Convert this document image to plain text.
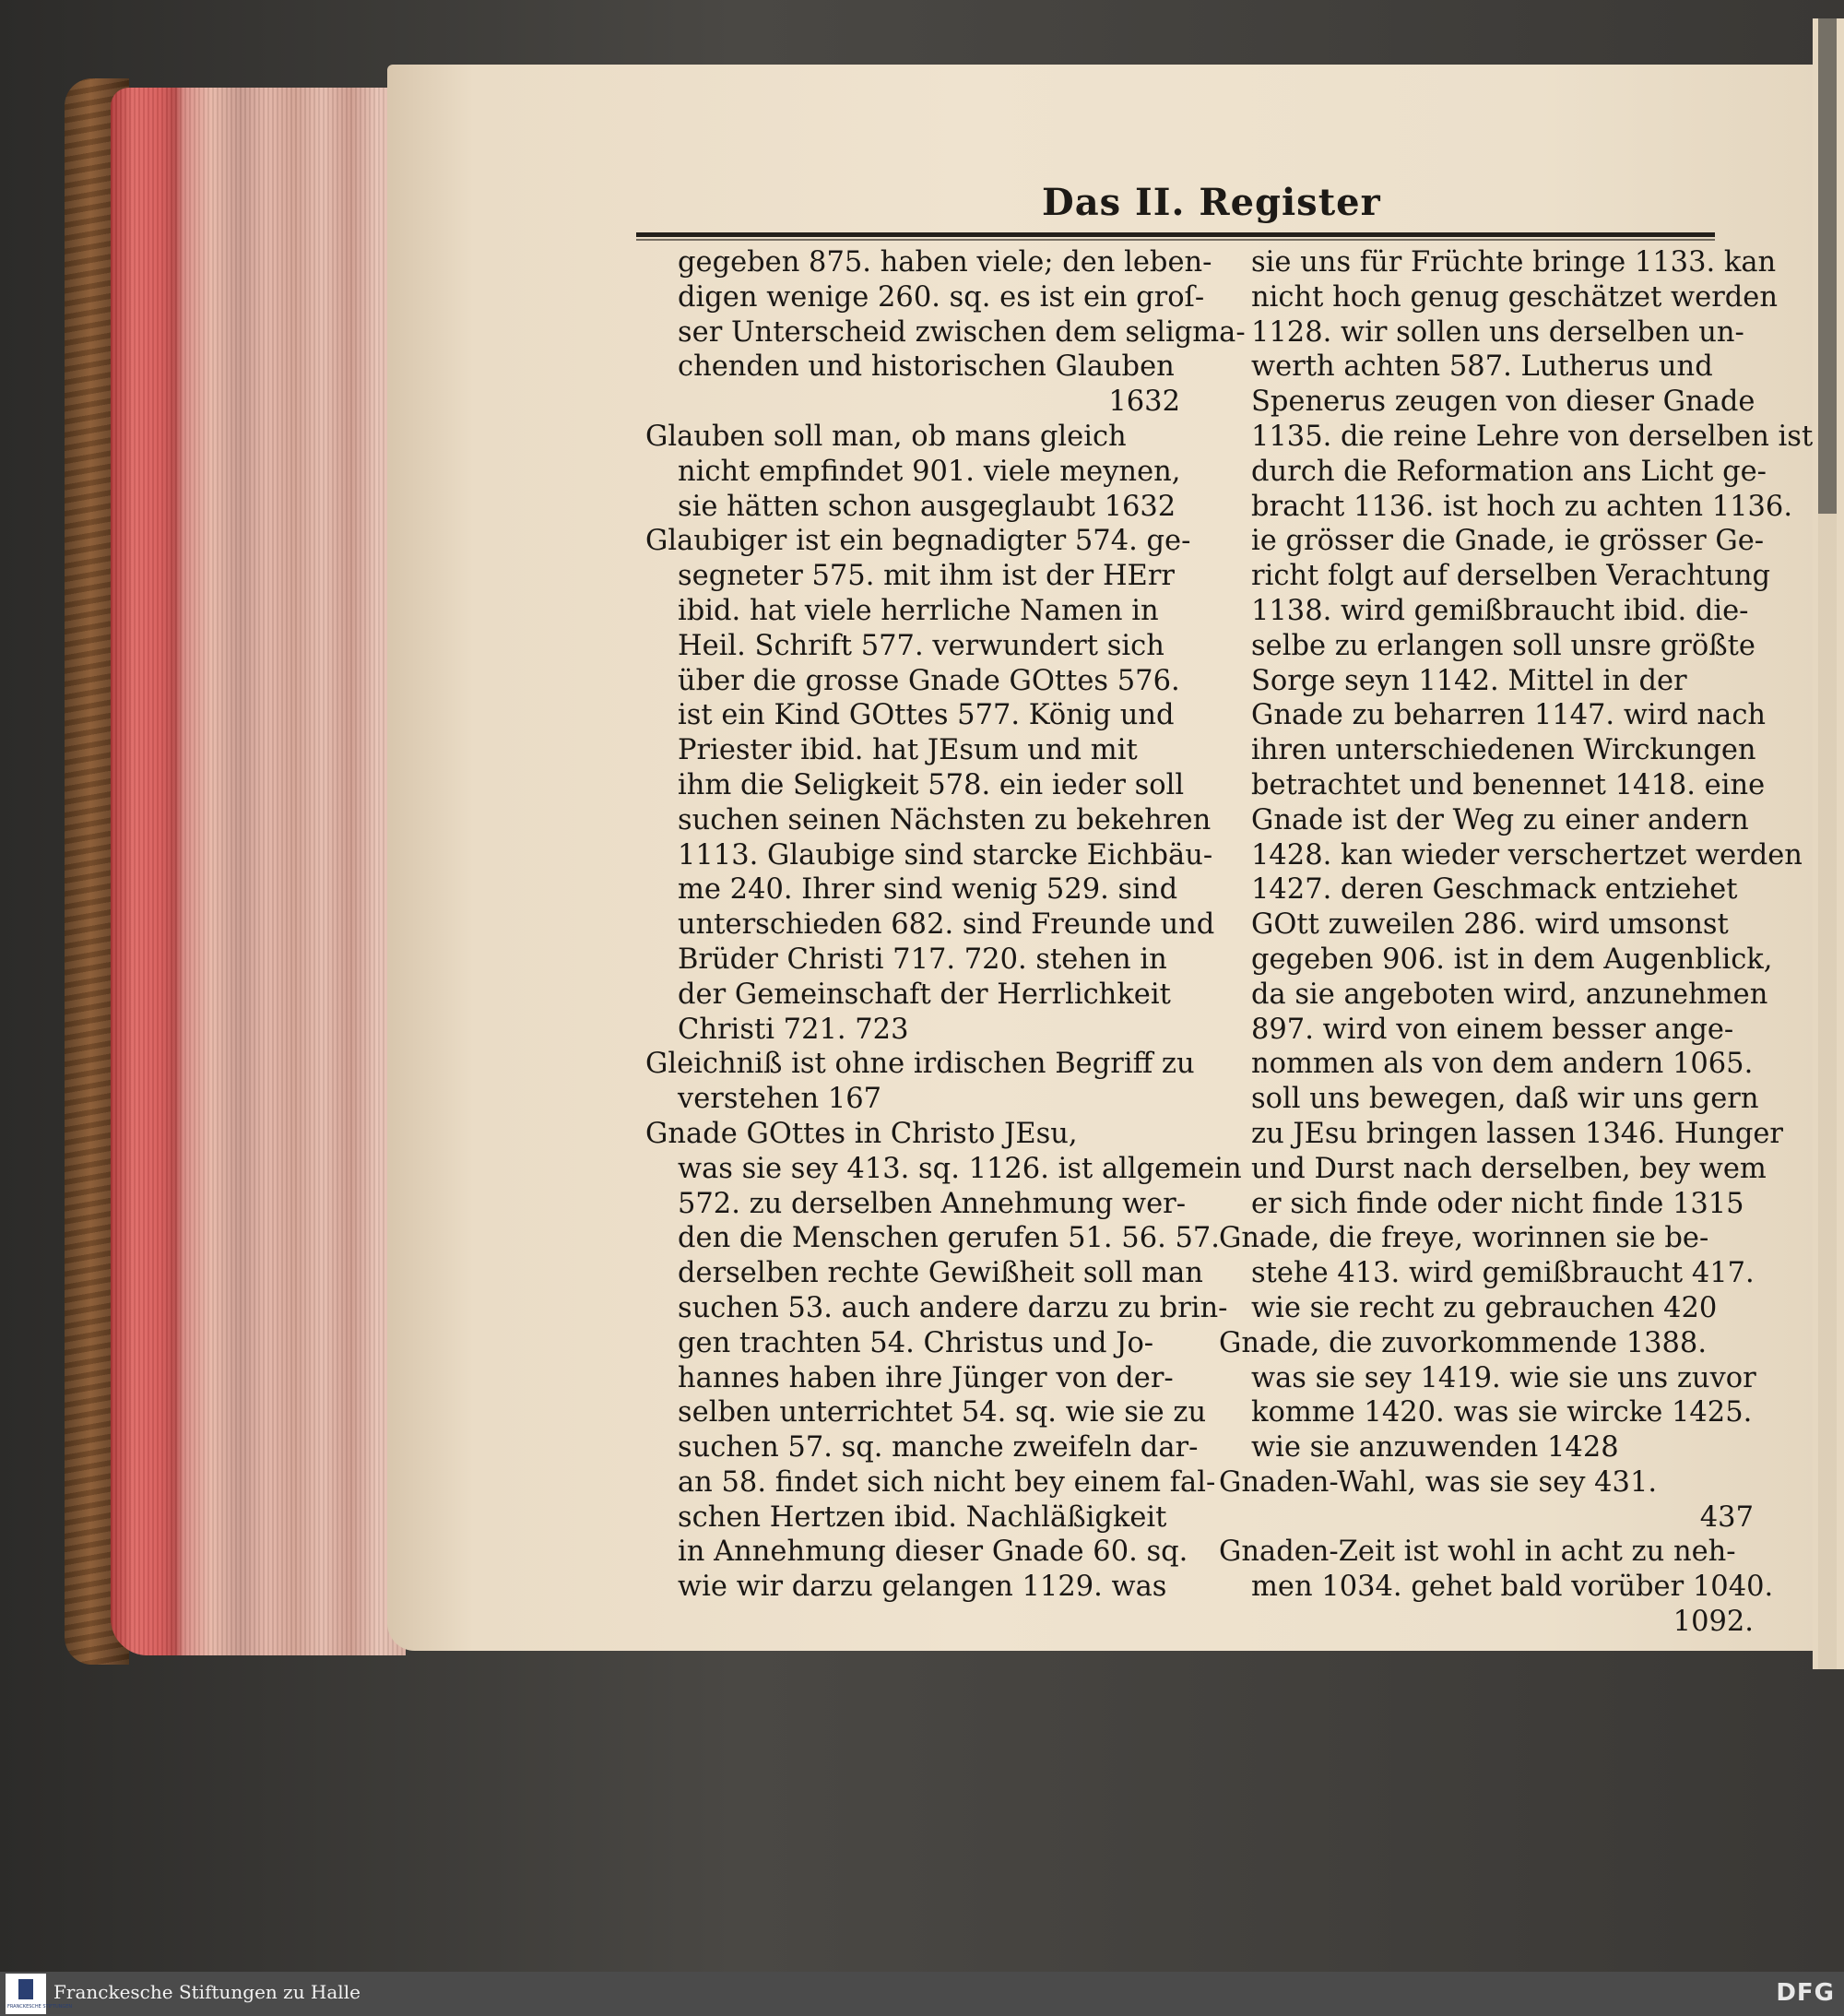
Das II. Register
gegeben 875. haben viele; den leben-
digen wenige 260. sq. es ist ein groſ-
ser Unterscheid zwischen dem seligma-
chenden und historischen Glauben
1632
Glauben soll man, ob mans gleich
nicht empfindet 901. viele meynen,
sie hätten schon ausgeglaubt 1632
Glaubiger ist ein begnadigter 574. ge-
segneter 575. mit ihm ist der HErr
ibid. hat viele herrliche Namen in
Heil. Schrift 577. verwundert sich
über die grosse Gnade GOttes 576.
ist ein Kind GOttes 577. König und
Priester ibid. hat JEsum und mit
ihm die Seligkeit 578. ein ieder soll
suchen seinen Nächsten zu bekehren
1113. Glaubige sind starcke Eichbäu-
me 240. Ihrer sind wenig 529. sind
unterschieden 682. sind Freunde und
Brüder Christi 717. 720. stehen in
der Gemeinschaft der Herrlichkeit
Christi 721. 723
Gleichniß ist ohne irdischen Begriff zu
verstehen 167
Gnade GOttes in Christo JEsu,
was sie sey 413. sq. 1126. ist allgemein
572. zu derselben Annehmung wer-
den die Menschen gerufen 51. 56. 57.
derselben rechte Gewißheit soll man
suchen 53. auch andere darzu zu brin-
gen trachten 54. Christus und Jo-
hannes haben ihre Jünger von der-
selben unterrichtet 54. sq. wie sie zu
suchen 57. sq. manche zweifeln dar-
an 58. findet sich nicht bey einem fal-
schen Hertzen ibid. Nachläßigkeit
in Annehmung dieser Gnade 60. sq.
wie wir darzu gelangen 1129. was
sie uns für Früchte bringe 1133. kan
nicht hoch genug geschätzet werden
1128. wir sollen uns derselben un-
werth achten 587. Lutherus und
Spenerus zeugen von dieser Gnade
1135. die reine Lehre von derselben ist
durch die Reformation ans Licht ge-
bracht 1136. ist hoch zu achten 1136.
ie grösser die Gnade, ie grösser Ge-
richt folgt auf derselben Verachtung
1138. wird gemißbraucht ibid. die-
selbe zu erlangen soll unsre größte
Sorge seyn 1142. Mittel in der
Gnade zu beharren 1147. wird nach
ihren unterschiedenen Wirckungen
betrachtet und benennet 1418. eine
Gnade ist der Weg zu einer andern
1428. kan wieder verschertzet werden
1427. deren Geschmack entziehet
GOtt zuweilen 286. wird umsonst
gegeben 906. ist in dem Augenblick,
da sie angeboten wird, anzunehmen
897. wird von einem besser ange-
nommen als von dem andern 1065.
soll uns bewegen, daß wir uns gern
zu JEsu bringen lassen 1346. Hunger
und Durst nach derselben, bey wem
er sich finde oder nicht finde 1315
Gnade, die freye, worinnen sie be-
stehe 413. wird gemißbraucht 417.
wie sie recht zu gebrauchen 420
Gnade, die zuvorkommende 1388.
was sie sey 1419. wie sie uns zuvor
komme 1420. was sie wircke 1425.
wie sie anzuwenden 1428
Gnaden-Wahl, was sie sey 431.
437
Gnaden-Zeit ist wohl in acht zu neh-
men 1034. gehet bald vorüber 1040.
1092.
FRANCKESCHE STIFTUNGEN
Franckesche Stiftungen zu Halle	DFG
